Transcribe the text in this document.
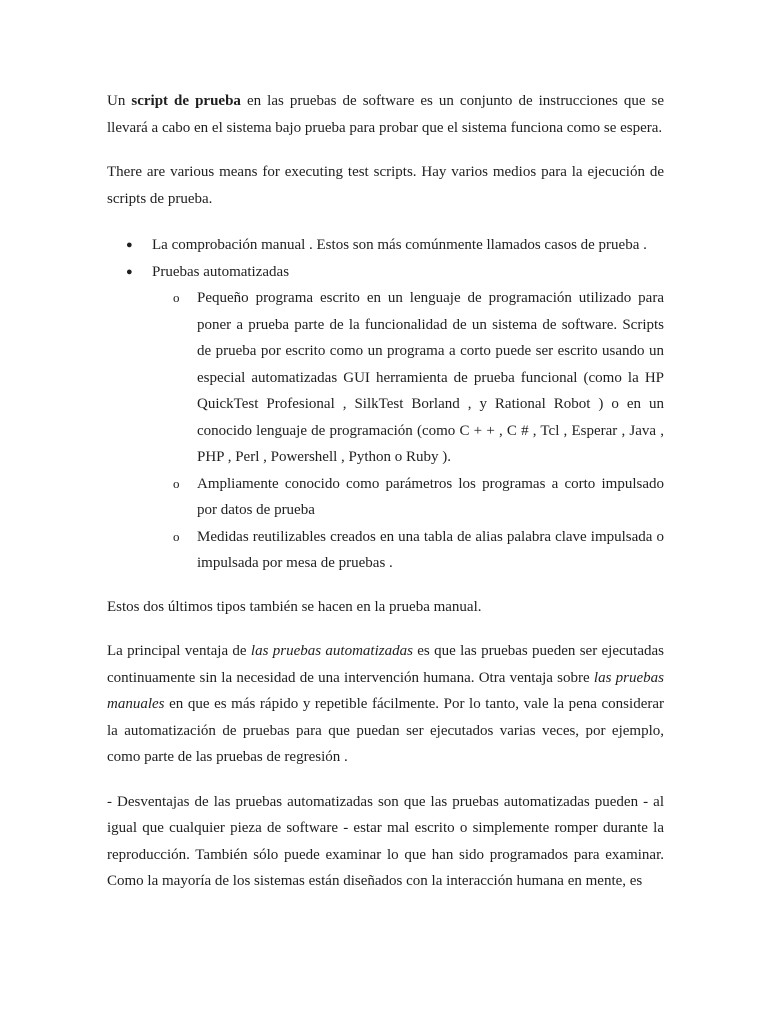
Un script de prueba en las pruebas de software es un conjunto de instrucciones que se llevará a cabo en el sistema bajo prueba para probar que el sistema funciona como se espera.

There are various means for executing test scripts. Hay varios medios para la ejecución de scripts de prueba.

● La comprobación manual . Estos son más comúnmente llamados casos de prueba .
● Pruebas automatizadas
o Pequeño programa escrito en un lenguaje de programación utilizado para poner a prueba parte de la funcionalidad de un sistema de software. Scripts de prueba por escrito como un programa a corto puede ser escrito usando un especial automatizadas GUI herramienta de prueba funcional (como la HP QuickTest Profesional , SilkTest Borland , y Rational Robot ) o en un conocido lenguaje de programación (como C + + , C # , Tcl , Esperar , Java , PHP , Perl , Powershell , Python o Ruby ).
o Ampliamente conocido como parámetros los programas a corto impulsado por datos de prueba
o Medidas reutilizables creados en una tabla de alias palabra clave impulsada o impulsada por mesa de pruebas .

Estos dos últimos tipos también se hacen en la prueba manual.

La principal ventaja de las pruebas automatizadas es que las pruebas pueden ser ejecutadas continuamente sin la necesidad de una intervención humana. Otra ventaja sobre las pruebas manuales en que es más rápido y repetible fácilmente. Por lo tanto, vale la pena considerar la automatización de pruebas para que puedan ser ejecutados varias veces, por ejemplo, como parte de las pruebas de regresión .

- Desventajas de las pruebas automatizadas son que las pruebas automatizadas pueden - al igual que cualquier pieza de software - estar mal escrito o simplemente romper durante la reproducción. También sólo puede examinar lo que han sido programados para examinar. Como la mayoría de los sistemas están diseñados con la interacción humana en mente, es
